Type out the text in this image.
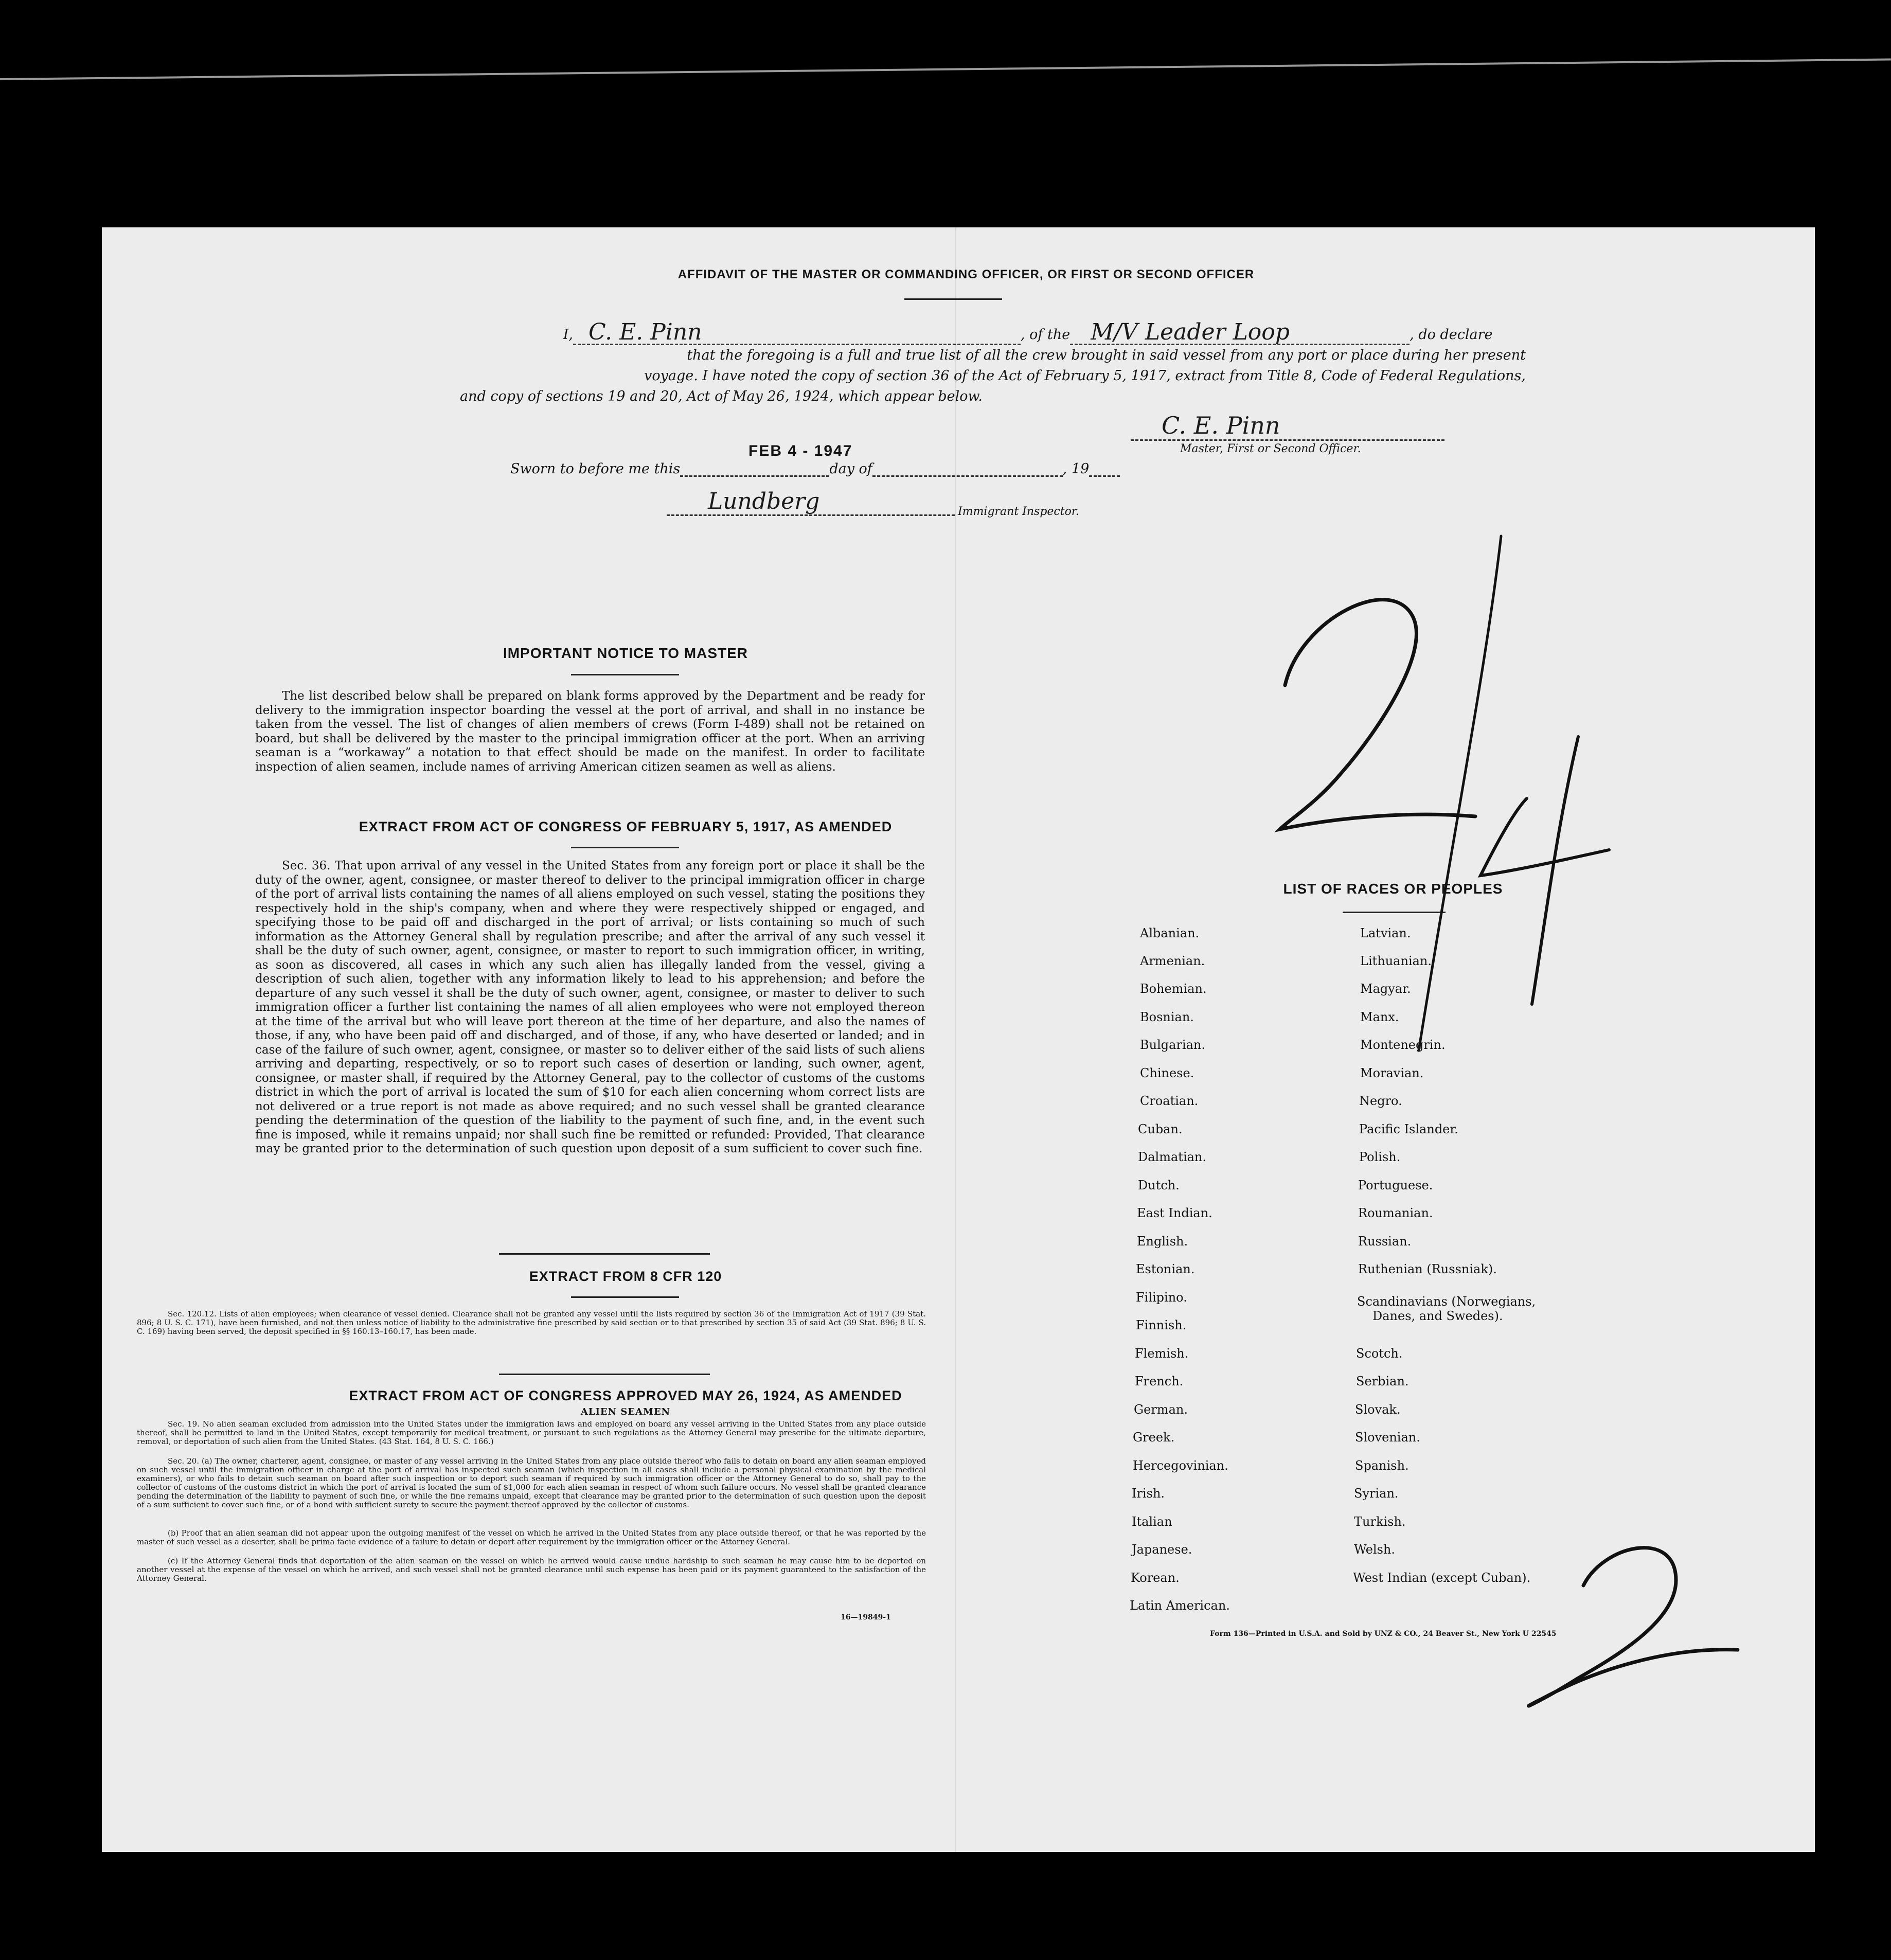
AFFIDAVIT OF THE MASTER OR COMMANDING OFFICER, OR FIRST OR SECOND OFFICER
I, C. E. Pinn	, of the M/V Leader Loop	, do declare
that the foregoing is a full and true list of all the crew brought in said vessel from any port or place during her present
voyage. I have noted the copy of section 36 of the Act of February 5, 1917, extract from Title 8, Code of Federal Regulations,
and copy of sections 19 and 20, Act of May 26, 1924, which appear below.
C. E. Pinn
Master, First or Second Officer.
FEB 4 - 1947
Sworn to before me this	day of	, 19
Lundberg	Immigrant Inspector.
IMPORTANT NOTICE TO MASTER
The list described below shall be prepared on blank forms approved by the Department and be ready for delivery to the immigration inspector boarding the vessel at the port of arrival, and shall in no instance be taken from the vessel. The list of changes of alien members of crews (Form I-489) shall not be retained on board, but shall be delivered by the master to the principal immigration officer at the port. When an arriving seaman is a “workaway” a notation to that effect should be made on the manifest. In order to facilitate inspection of alien seamen, include names of arriving American citizen seamen as well as aliens.
EXTRACT FROM ACT OF CONGRESS OF FEBRUARY 5, 1917, AS AMENDED
Sec. 36. That upon arrival of any vessel in the United States from any foreign port or place it shall be the duty of the owner, agent, consignee, or master thereof to deliver to the principal immigration officer in charge of the port of arrival lists containing the names of all aliens employed on such vessel, stating the positions they respectively hold in the ship's company, when and where they were respectively shipped or engaged, and specifying those to be paid off and discharged in the port of arrival; or lists containing so much of such information as the Attorney General shall by regulation prescribe; and after the arrival of any such vessel it shall be the duty of such owner, agent, consignee, or master to report to such immigration officer, in writing, as soon as discovered, all cases in which any such alien has illegally landed from the vessel, giving a description of such alien, together with any information likely to lead to his apprehension; and before the departure of any such vessel it shall be the duty of such owner, agent, consignee, or master to deliver to such immigration officer a further list containing the names of all alien employees who were not employed thereon at the time of the arrival but who will leave port thereon at the time of her departure, and also the names of those, if any, who have been paid off and discharged, and of those, if any, who have deserted or landed; and in case of the failure of such owner, agent, consignee, or master so to deliver either of the said lists of such aliens arriving and departing, respectively, or so to report such cases of desertion or landing, such owner, agent, consignee, or master shall, if required by the Attorney General, pay to the collector of customs of the customs district in which the port of arrival is located the sum of $10 for each alien concerning whom correct lists are not delivered or a true report is not made as above required; and no such vessel shall be granted clearance pending the determination of the question of the liability to the payment of such fine, and, in the event such fine is imposed, while it remains unpaid; nor shall such fine be remitted or refunded: Provided, That clearance may be granted prior to the determination of such question upon deposit of a sum sufficient to cover such fine.
EXTRACT FROM 8 CFR 120
Sec. 120.12. Lists of alien employees; when clearance of vessel denied. Clearance shall not be granted any vessel until the lists required by section 36 of the Immigration Act of 1917 (39 Stat. 896; 8 U. S. C. 171), have been furnished, and not then unless notice of liability to the administrative fine prescribed by said section or to that prescribed by section 35 of said Act (39 Stat. 896; 8 U. S. C. 169) having been served, the deposit specified in §§ 160.13–160.17, has been made.
EXTRACT FROM ACT OF CONGRESS APPROVED MAY 26, 1924, AS AMENDED
ALIEN SEAMEN
Sec. 19. No alien seaman excluded from admission into the United States under the immigration laws and employed on board any vessel arriving in the United States from any place outside thereof, shall be permitted to land in the United States, except temporarily for medical treatment, or pursuant to such regulations as the Attorney General may prescribe for the ultimate departure, removal, or deportation of such alien from the United States. (43 Stat. 164, 8 U. S. C. 166.)
Sec. 20. (a) The owner, charterer, agent, consignee, or master of any vessel arriving in the United States from any place outside thereof who fails to detain on board any alien seaman employed on such vessel until the immigration officer in charge at the port of arrival has inspected such seaman (which inspection in all cases shall include a personal physical examination by the medical examiners), or who fails to detain such seaman on board after such inspection or to deport such seaman if required by such immigration officer or the Attorney General to do so, shall pay to the collector of customs of the customs district in which the port of arrival is located the sum of $1,000 for each alien seaman in respect of whom such failure occurs. No vessel shall be granted clearance pending the determination of the liability to payment of such fine, or while the fine remains unpaid, except that clearance may be granted prior to the determination of such question upon the deposit of a sum sufficient to cover such fine, or of a bond with sufficient surety to secure the payment thereof approved by the collector of customs.
(b) Proof that an alien seaman did not appear upon the outgoing manifest of the vessel on which he arrived in the United States from any place outside thereof, or that he was reported by the master of such vessel as a deserter, shall be prima facie evidence of a failure to detain or deport after requirement by the immigration officer or the Attorney General.
(c) If the Attorney General finds that deportation of the alien seaman on the vessel on which he arrived would cause undue hardship to such seaman he may cause him to be deported on another vessel at the expense of the vessel on which he arrived, and such vessel shall not be granted clearance until such expense has been paid or its payment guaranteed to the satisfaction of the Attorney General.
16—19849-1
LIST OF RACES OR PEOPLES
Albanian.
Armenian.
Bohemian.
Bosnian.
Bulgarian.
Chinese.
Croatian.
Cuban.
Dalmatian.
Dutch.
East Indian.
English.
Estonian.
Filipino.
Finnish.
Flemish.
French.
German.
Greek.
Hercegovinian.
Irish.
Italian
Japanese.
Korean.
Latin American.
Latvian.
Lithuanian.
Magyar.
Manx.
Montenegrin.
Moravian.
Negro.
Pacific Islander.
Polish.
Portuguese.
Roumanian.
Russian.
Ruthenian (Russniak).
Scandinavians (Norwegians,
Danes, and Swedes).
Scotch.
Serbian.
Slovak.
Slovenian.
Spanish.
Syrian.
Turkish.
Welsh.
West Indian (except Cuban).
Form 136—Printed in U.S.A. and Sold by UNZ & CO., 24 Beaver St., New York U 22545
